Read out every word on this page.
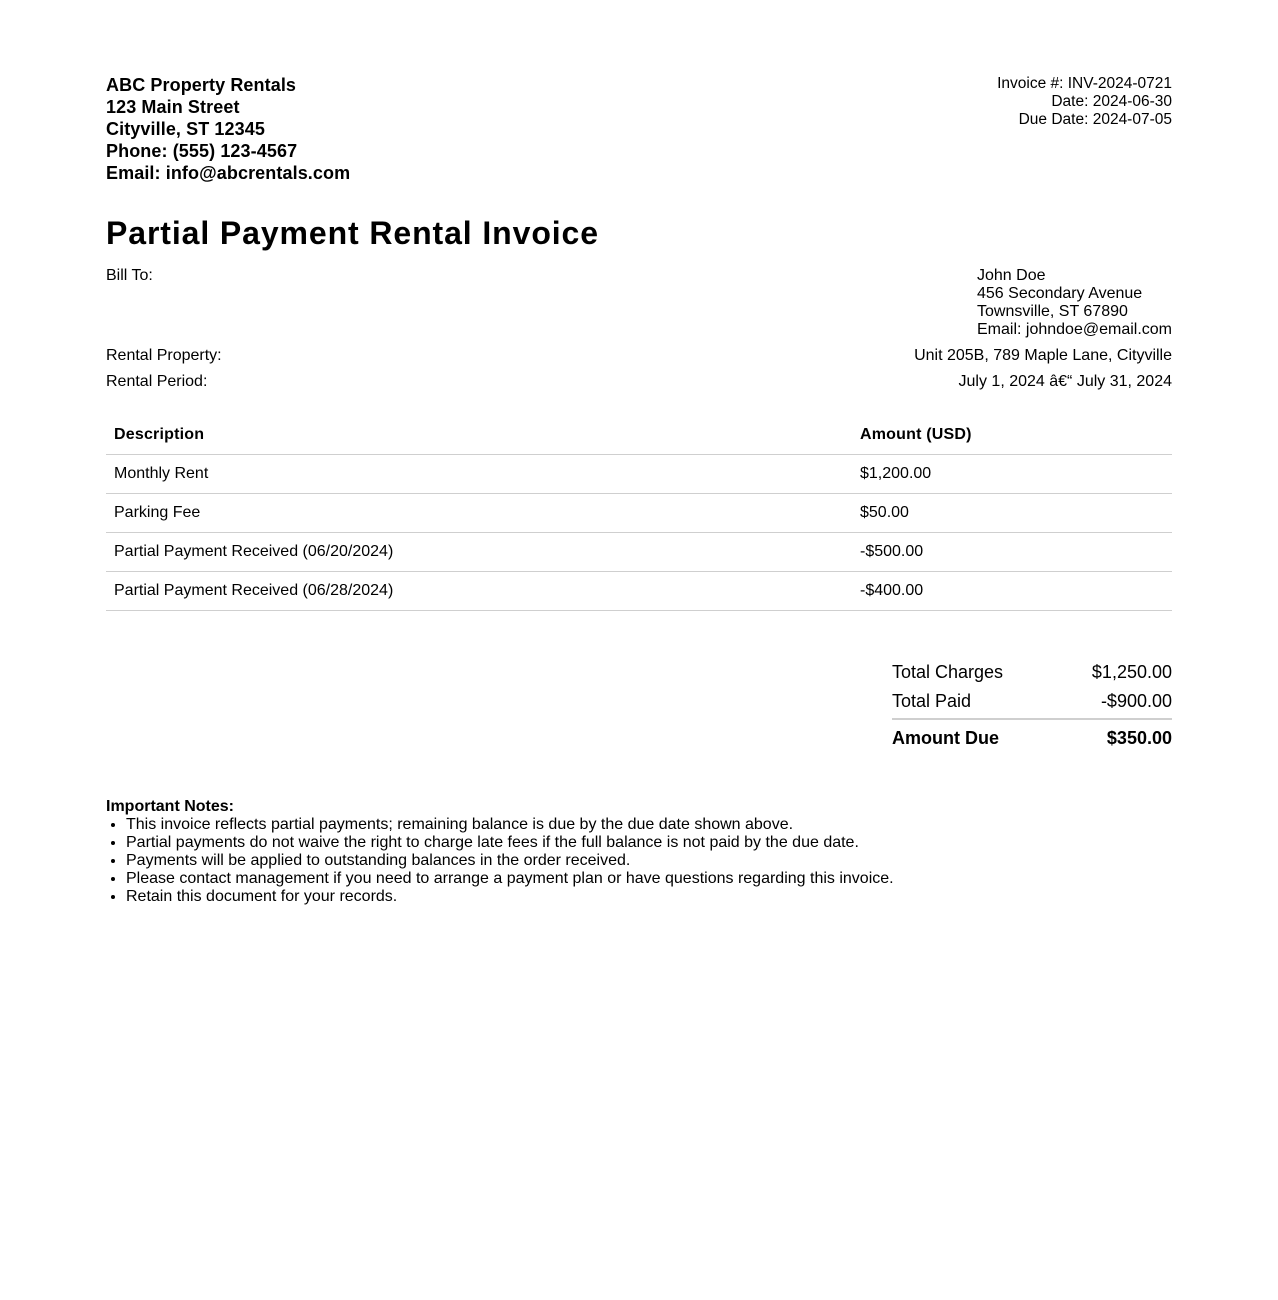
ABC Property Rentals
123 Main Street
Cityville, ST 12345
Phone: (555) 123-4567
Email: info@abcrentals.com
Invoice #: INV-2024-0721
Date: 2024-06-30
Due Date: 2024-07-05
Partial Payment Rental Invoice
Bill To:	John Doe
456 Secondary Avenue
Townsville, ST 67890
Email: johndoe@email.com
Rental Property:	Unit 205B, 789 Maple Lane, Cityville
Rental Period:	July 1, 2024 â€“ July 31, 2024
Description	Amount (USD)
Monthly Rent	$1,200.00
Parking Fee	$50.00
Partial Payment Received (06/20/2024)	-$500.00
Partial Payment Received (06/28/2024)	-$400.00
Total Charges	$1,250.00
Total Paid	-$900.00
Amount Due	$350.00
Important Notes:
• This invoice reflects partial payments; remaining balance is due by the due date shown above.
• Partial payments do not waive the right to charge late fees if the full balance is not paid by the due date.
• Payments will be applied to outstanding balances in the order received.
• Please contact management if you need to arrange a payment plan or have questions regarding this invoice.
• Retain this document for your records.
